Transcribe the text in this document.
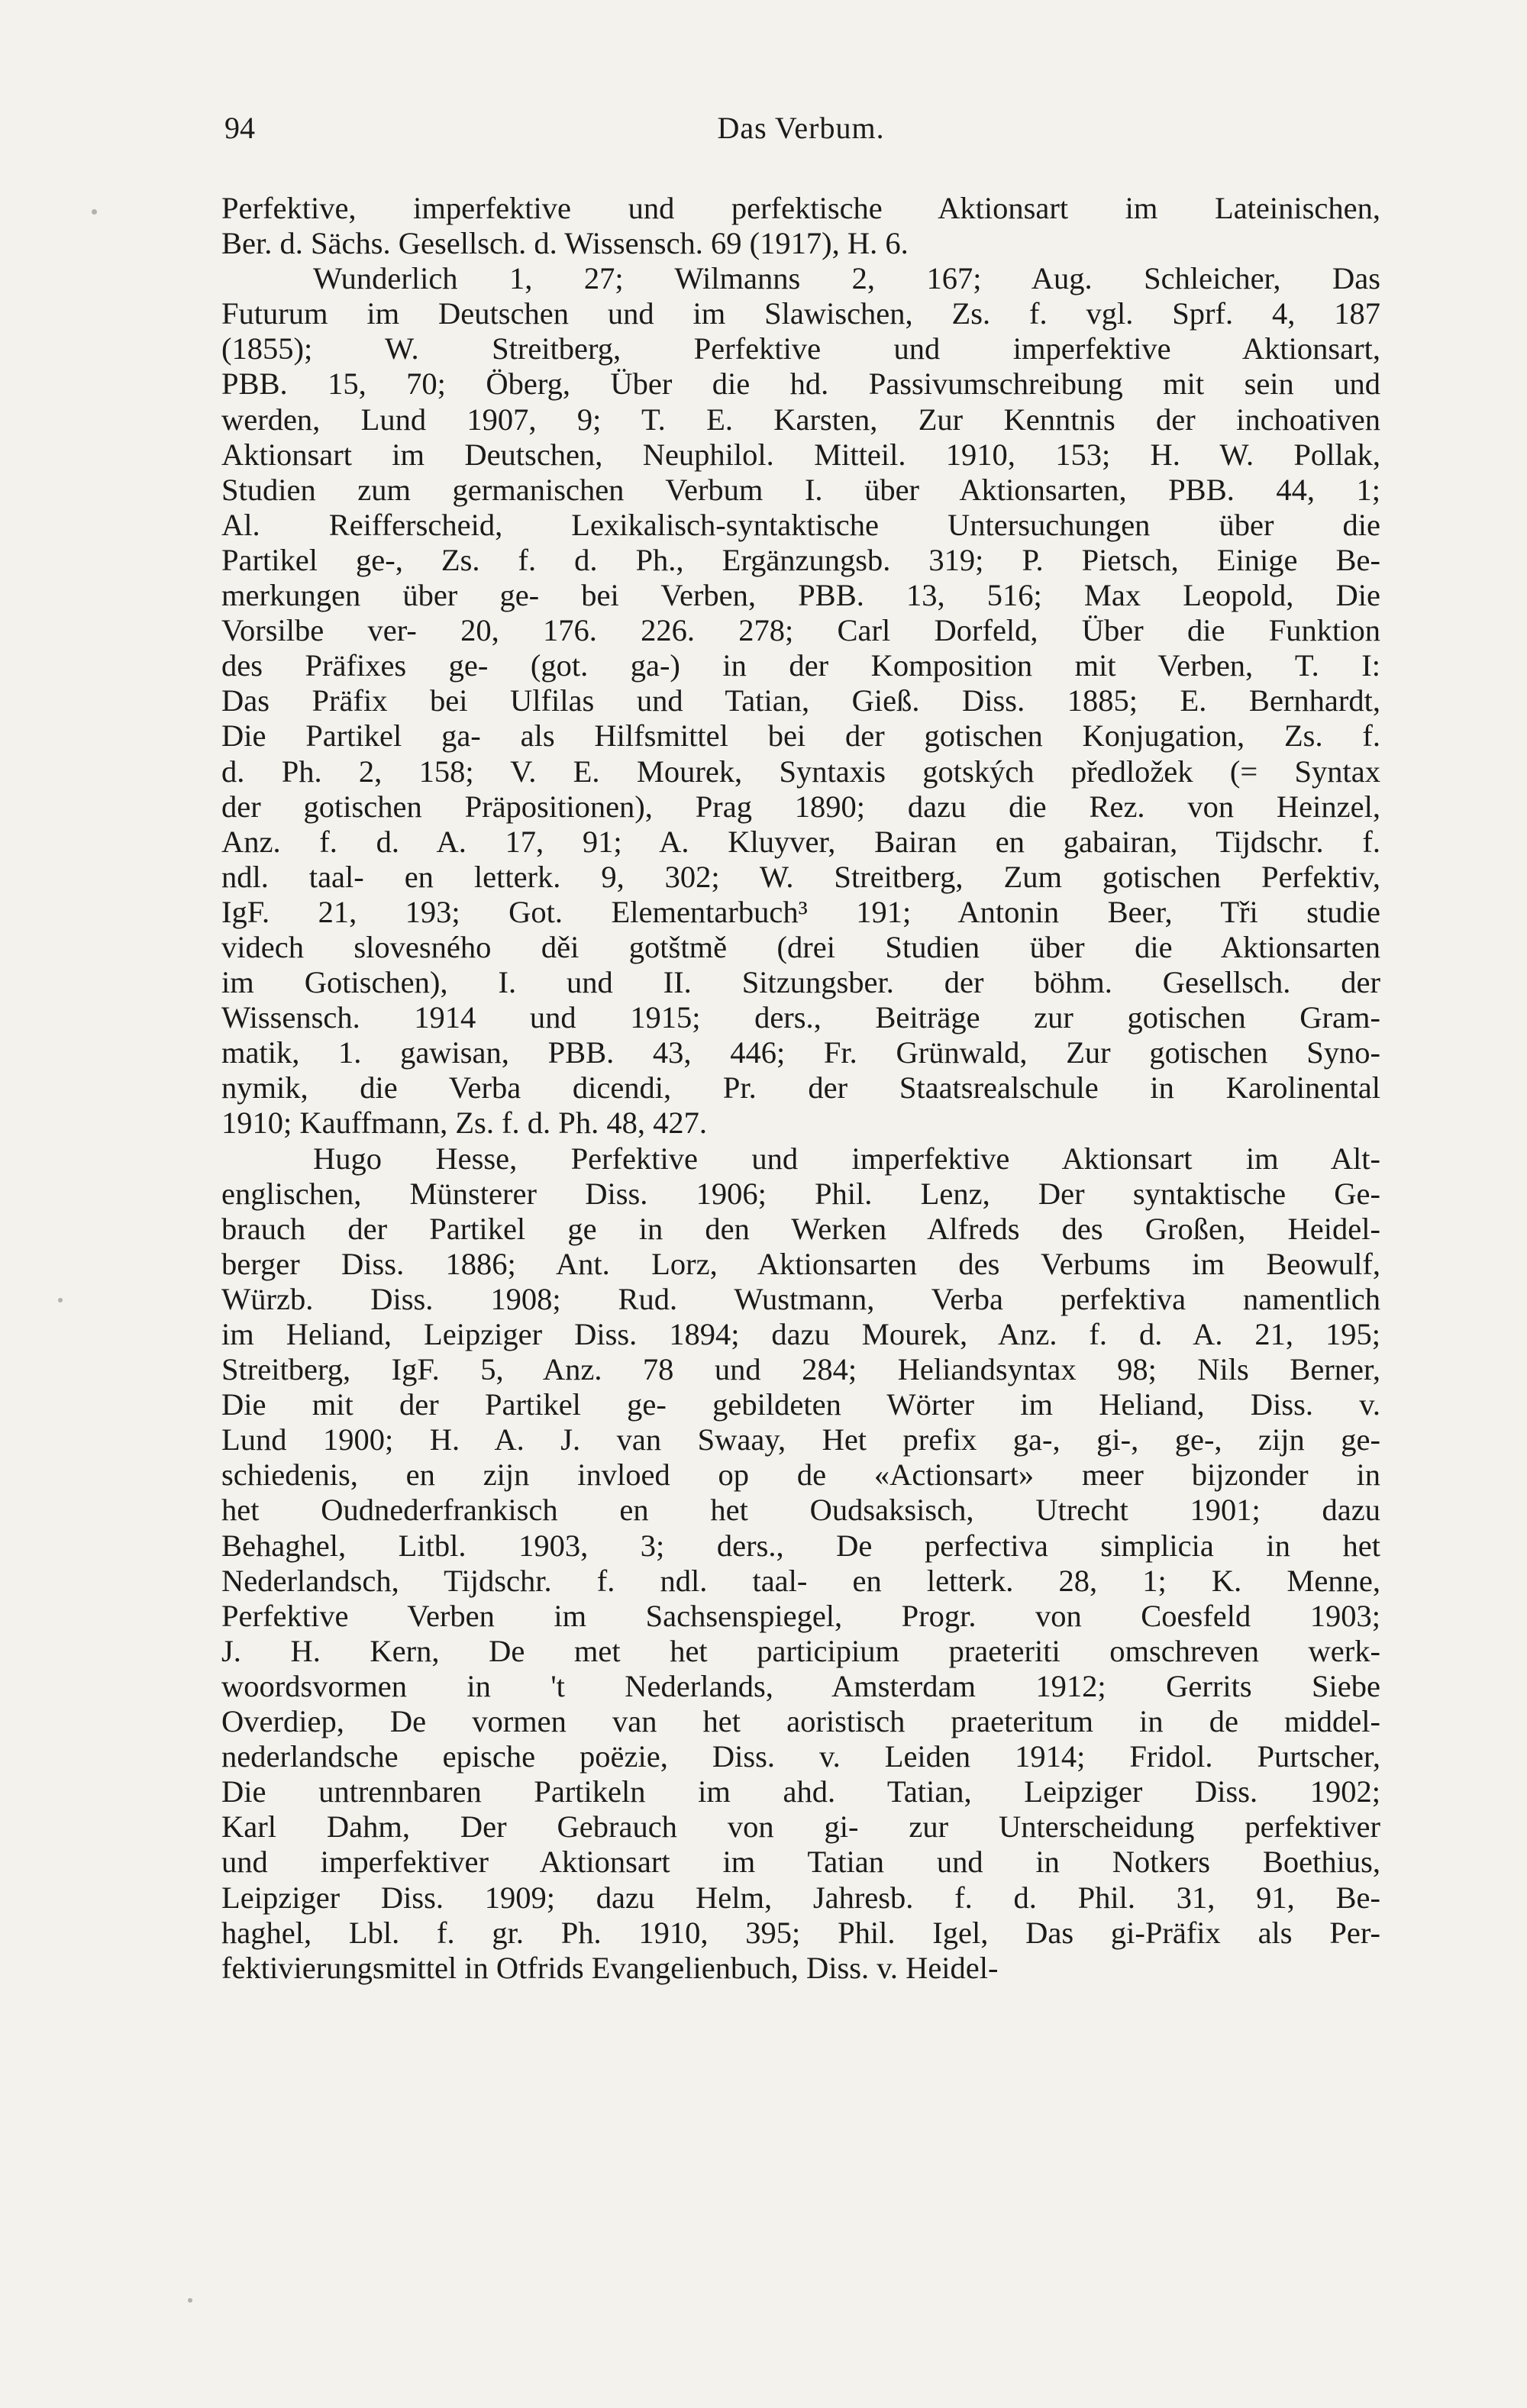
94	Das Verbum.
Perfektive, imperfektive und perfektische Aktionsart im Lateinischen,
Ber. d. Sächs. Gesellsch. d. Wissensch. 69 (1917), H. 6.
Wunderlich 1, 27; Wilmanns 2, 167; Aug. Schleicher, Das
Futurum im Deutschen und im Slawischen, Zs. f. vgl. Sprf. 4, 187
(1855); W. Streitberg, Perfektive und imperfektive Aktionsart,
PBB. 15, 70; Öberg, Über die hd. Passivumschreibung mit sein und
werden, Lund 1907, 9; T. E. Karsten, Zur Kenntnis der inchoativen
Aktionsart im Deutschen, Neuphilol. Mitteil. 1910, 153; H. W. Pollak,
Studien zum germanischen Verbum I. über Aktionsarten, PBB. 44, 1;
Al. Reifferscheid, Lexikalisch-syntaktische Untersuchungen über die
Partikel ge-, Zs. f. d. Ph., Ergänzungsb. 319; P. Pietsch, Einige Be-
merkungen über ge- bei Verben, PBB. 13, 516; Max Leopold, Die
Vorsilbe ver- 20, 176. 226. 278; Carl Dorfeld, Über die Funktion
des Präfixes ge- (got. ga-) in der Komposition mit Verben, T. I:
Das Präfix bei Ulfilas und Tatian, Gieß. Diss. 1885; E. Bernhardt,
Die Partikel ga- als Hilfsmittel bei der gotischen Konjugation, Zs. f.
d. Ph. 2, 158; V. E. Mourek, Syntaxis gotských předložek (= Syntax
der gotischen Präpositionen), Prag 1890; dazu die Rez. von Heinzel,
Anz. f. d. A. 17, 91; A. Kluyver, Bairan en gabairan, Tijdschr. f.
ndl. taal- en letterk. 9, 302; W. Streitberg, Zum gotischen Perfektiv,
IgF. 21, 193; Got. Elementarbuch³ 191; Antonin Beer, Tři studie
videch slovesného děi gotštmě (drei Studien über die Aktionsarten
im Gotischen), I. und II. Sitzungsber. der böhm. Gesellsch. der
Wissensch. 1914 und 1915; ders., Beiträge zur gotischen Gram-
matik, 1. gawisan, PBB. 43, 446; Fr. Grünwald, Zur gotischen Syno-
nymik, die Verba dicendi, Pr. der Staatsrealschule in Karolinental
1910; Kauffmann, Zs. f. d. Ph. 48, 427.
Hugo Hesse, Perfektive und imperfektive Aktionsart im Alt-
englischen, Münsterer Diss. 1906; Phil. Lenz, Der syntaktische Ge-
brauch der Partikel ge in den Werken Alfreds des Großen, Heidel-
berger Diss. 1886; Ant. Lorz, Aktionsarten des Verbums im Beowulf,
Würzb. Diss. 1908; Rud. Wustmann, Verba perfektiva namentlich
im Heliand, Leipziger Diss. 1894; dazu Mourek, Anz. f. d. A. 21, 195;
Streitberg, IgF. 5, Anz. 78 und 284; Heliandsyntax 98; Nils Berner,
Die mit der Partikel ge- gebildeten Wörter im Heliand, Diss. v.
Lund 1900; H. A. J. van Swaay, Het prefix ga-, gi-, ge-, zijn ge-
schiedenis, en zijn invloed op de «Actionsart» meer bijzonder in
het Oudnederfrankisch en het Oudsaksisch, Utrecht 1901; dazu
Behaghel, Litbl. 1903, 3; ders., De perfectiva simplicia in het
Nederlandsch, Tijdschr. f. ndl. taal- en letterk. 28, 1; K. Menne,
Perfektive Verben im Sachsenspiegel, Progr. von Coesfeld 1903;
J. H. Kern, De met het participium praeteriti omschreven werk-
woordsvormen in 't Nederlands, Amsterdam 1912; Gerrits Siebe
Overdiep, De vormen van het aoristisch praeteritum in de middel-
nederlandsche epische poëzie, Diss. v. Leiden 1914; Fridol. Purtscher,
Die untrennbaren Partikeln im ahd. Tatian, Leipziger Diss. 1902;
Karl Dahm, Der Gebrauch von gi- zur Unterscheidung perfektiver
und imperfektiver Aktionsart im Tatian und in Notkers Boethius,
Leipziger Diss. 1909; dazu Helm, Jahresb. f. d. Phil. 31, 91, Be-
haghel, Lbl. f. gr. Ph. 1910, 395; Phil. Igel, Das gi-Präfix als Per-
fektivierungsmittel in Otfrids Evangelienbuch, Diss. v. Heidel-
